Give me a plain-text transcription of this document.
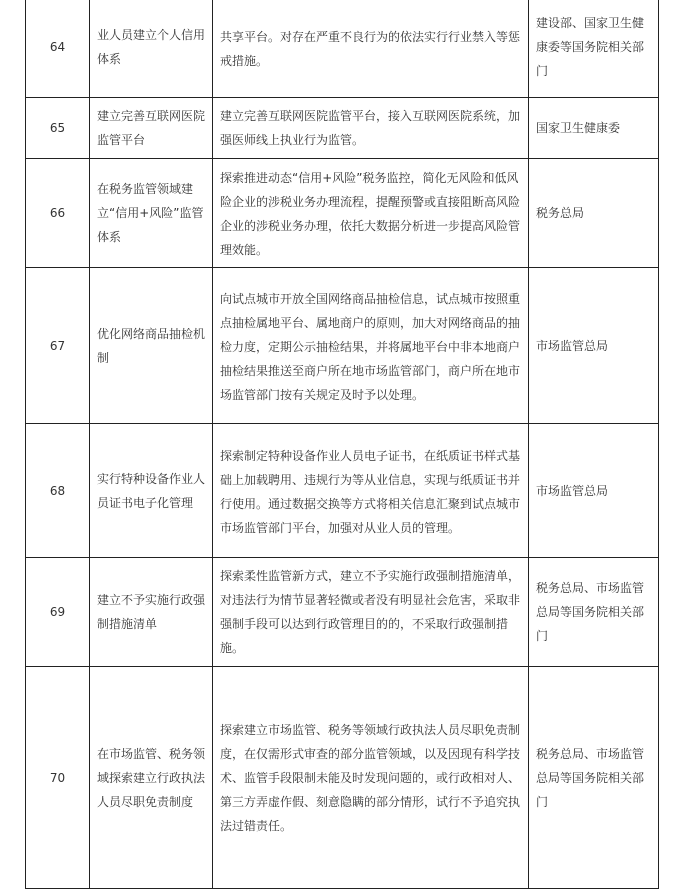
64	业人员建立个人信用体系	共享平台。对存在严重不良行为的依法实行行业禁入等惩戒措施。	建设部、国家卫生健康委等国务院相关部门
65	建立完善互联网医院监管平台	建立完善互联网医院监管平台，接入互联网医院系统，加强医师线上执业行为监管。	国家卫生健康委
66	在税务监管领域建立“信用+风险”监管体系	探索推进动态“信用+风险”税务监控，简化无风险和低风险企业的涉税业务办理流程，提醒预警或直接阻断高风险企业的涉税业务办理，依托大数据分析进一步提高风险管理效能。	税务总局
67	优化网络商品抽检机制	向试点城市开放全国网络商品抽检信息，试点城市按照重点抽检属地平台、属地商户的原则，加大对网络商品的抽检力度，定期公示抽检结果，并将属地平台中非本地商户抽检结果推送至商户所在地市场监管部门，商户所在地市场监管部门按有关规定及时予以处理。	市场监管总局
68	实行特种设备作业人员证书电子化管理	探索制定特种设备作业人员电子证书，在纸质证书样式基础上加载聘用、违规行为等从业信息，实现与纸质证书并行使用。通过数据交换等方式将相关信息汇聚到试点城市市场监管部门平台，加强对从业人员的管理。	市场监管总局
69	建立不予实施行政强制措施清单	探索柔性监管新方式，建立不予实施行政强制措施清单，对违法行为情节显著轻微或者没有明显社会危害，采取非强制手段可以达到行政管理目的的，不采取行政强制措施。	税务总局、市场监管总局等国务院相关部门
70	在市场监管、税务领域探索建立行政执法人员尽职免责制度	探索建立市场监管、税务等领域行政执法人员尽职免责制度，在仅需形式审查的部分监管领域，以及因现有科学技术、监管手段限制未能及时发现问题的，或行政相对人、第三方弄虚作假、刻意隐瞒的部分情形，试行不予追究执法过错责任。	税务总局、市场监管总局等国务院相关部门
